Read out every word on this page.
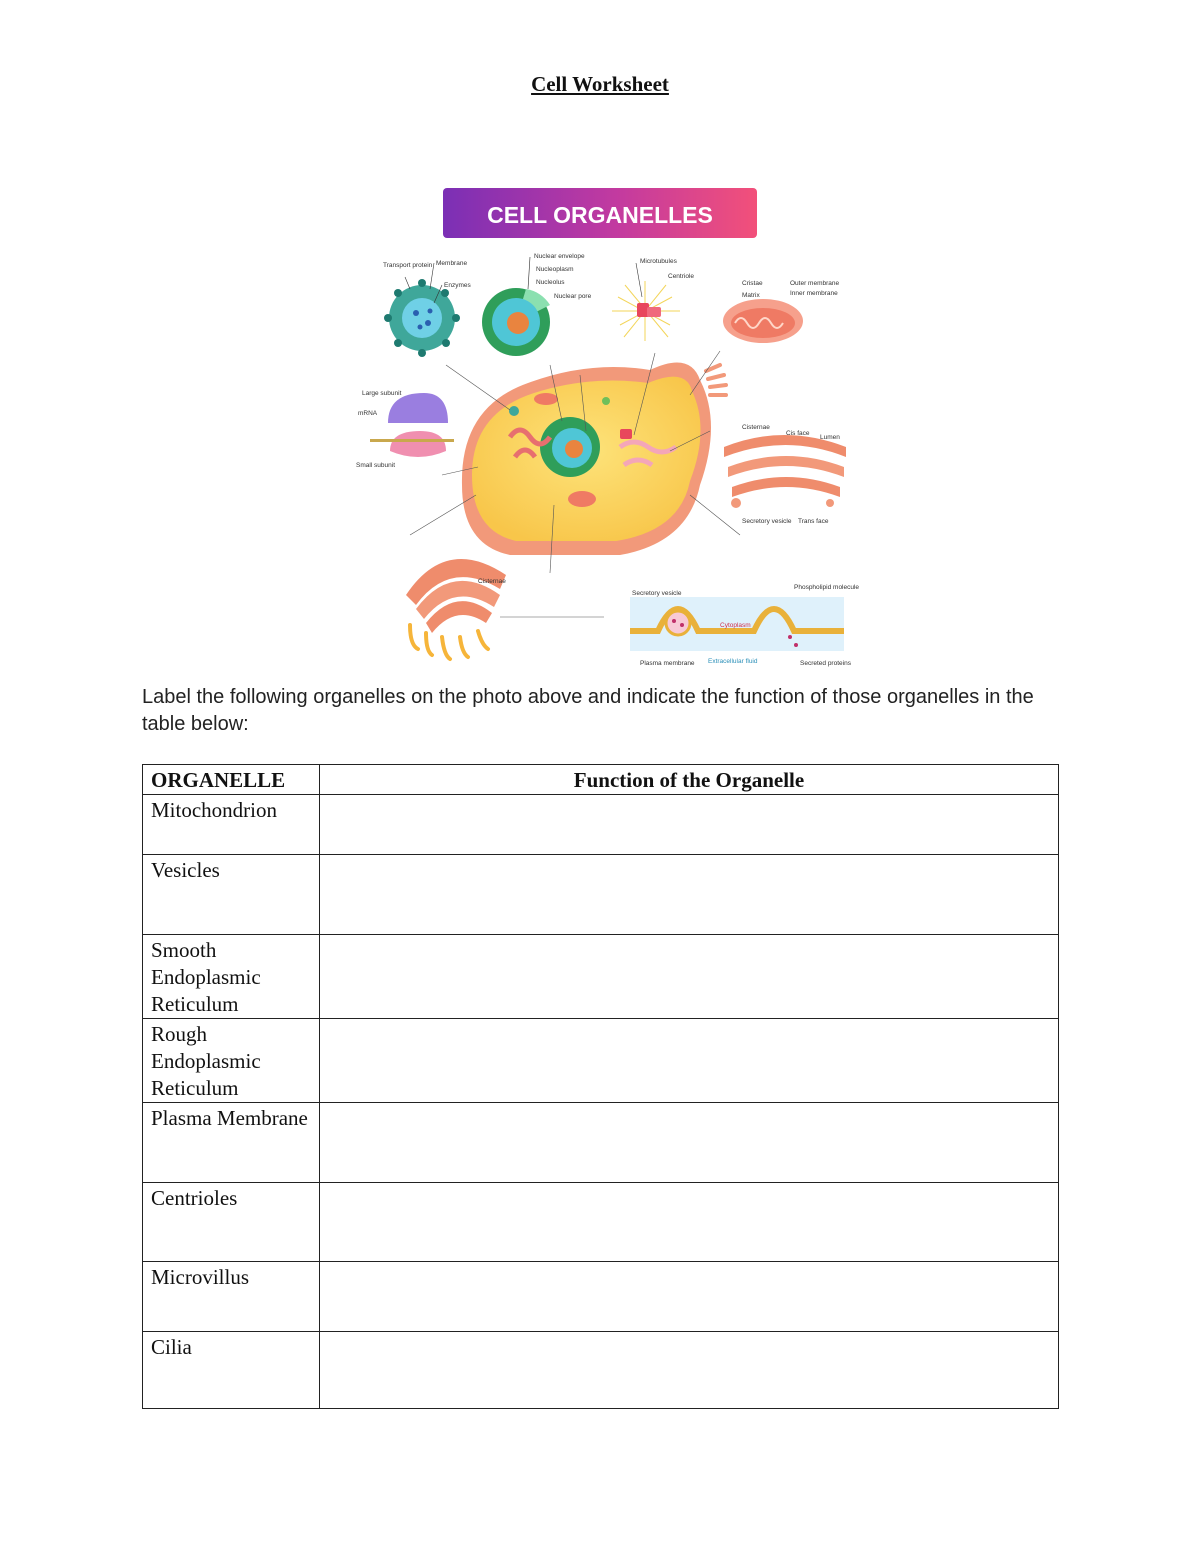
Cell Worksheet
CELL ORGANELLES
Transport protein Membrane
Enzymes
Nuclear envelope
Nucleoplasm
Nucleolus
Nuclear pore
Microtubules
Centriole
Cristae
Matrix
Outer membrane
Inner membrane
Large subunit
mRNA
Small subunit
Cisternae
Cis face
Lumen
Secretory vesicle Trans face
Cisternae
Secretory vesicle
Phospholipid molecule
Cytoplasm
Plasma membrane Extracellular fluid	Secreted proteins
Label the following organelles on the photo above and indicate the function of those organelles in the table below:
ORGANELLE	Function of the Organelle
Mitochondrion	
Vesicles	
Smooth Endoplasmic Reticulum	
Rough Endoplasmic Reticulum	
Plasma Membrane	
Centrioles	
Microvillus	
Cilia	
